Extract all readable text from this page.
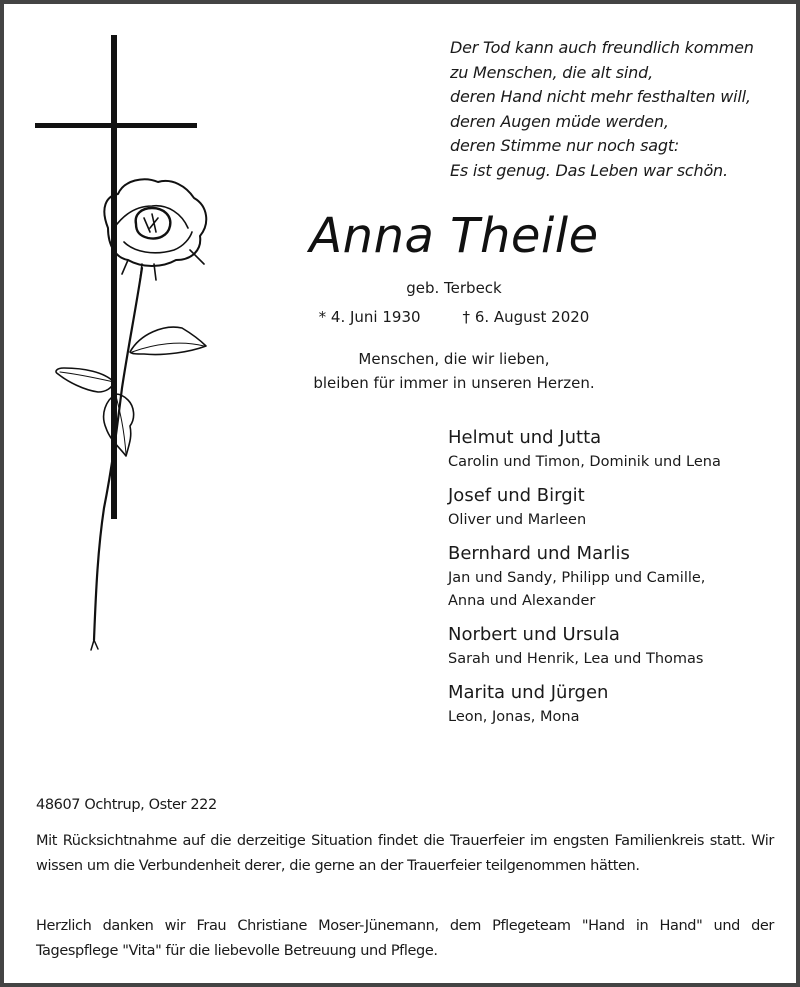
Der Tod kann auch freundlich kommen
zu Menschen, die alt sind,
deren Hand nicht mehr festhalten will,
deren Augen müde werden,
deren Stimme nur noch sagt:
Es ist genug. Das Leben war schön.
Anna Theile
geb. Terbeck
* 4. Juni 1930	† 6. August 2020
Menschen, die wir lieben,
bleiben für immer in unseren Herzen.
Helmut und Jutta
Carolin und Timon, Dominik und Lena
Josef und Birgit
Oliver und Marleen
Bernhard und Marlis
Jan und Sandy, Philipp und Camille,
Anna und Alexander
Norbert und Ursula
Sarah und Henrik, Lea und Thomas
Marita und Jürgen
Leon, Jonas, Mona
48607 Ochtrup, Oster 222
Mit Rücksichtnahme auf die derzeitige Situation findet die Trauerfeier im engsten Familienkreis statt. Wir wissen um die Verbundenheit derer, die gerne an der Trauerfeier teilgenommen hätten.
Herzlich danken wir Frau Christiane Moser-Jünemann, dem Pflegeteam "Hand in Hand" und der Tagespflege "Vita" für die liebevolle Betreuung und Pflege.
